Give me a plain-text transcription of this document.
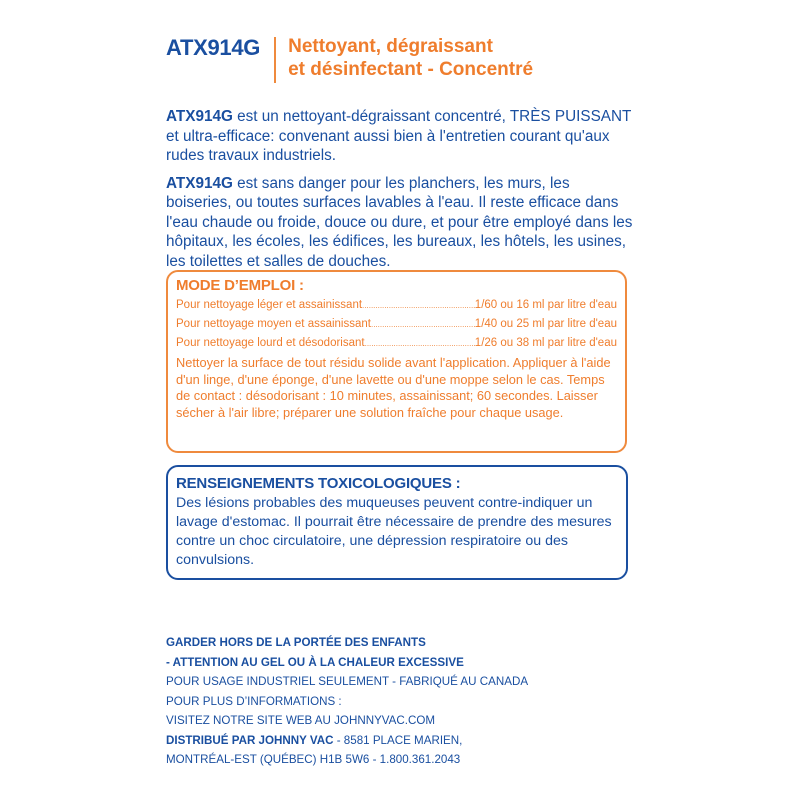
ATX914G Nettoyant, dégraissant
et désinfectant - Concentré

ATX914G est un nettoyant-dégraissant concentré, TRÈS PUISSANT et ultra-efficace: convenant aussi bien à l'entretien courant qu'aux rudes travaux industriels.

ATX914G est sans danger pour les planchers, les murs, les boiseries, ou toutes surfaces lavables à l'eau. Il reste efficace dans l'eau chaude ou froide, douce ou dure, et pour être employé dans les hôpitaux, les écoles, les édifices, les bureaux, les hôtels, les usines, les toilettes et salles de douches.

MODE D’EMPLOI :
Pour nettoyage léger et assainissant .....	1/60 ou 16 ml par litre d'eau
Pour nettoyage moyen et assainissant .....	1/40 ou 25 ml par litre d'eau
Pour nettoyage lourd et désodorisant .....	1/26 ou 38 ml par litre d'eau
Nettoyer la surface de tout résidu solide avant l'application. Appliquer à l'aide d'un linge, d'une éponge, d'une lavette ou d'une moppe selon le cas. Temps de contact : désodorisant : 10 minutes, assainissant; 60 secondes. Laisser sécher à l'air libre; préparer une solution fraîche pour chaque usage.
RENSEIGNEMENTS TOXICOLOGIQUES :
Des lésions probables des muqueuses peuvent contre-indiquer un lavage d'estomac. Il pourrait être nécessaire de prendre des mesures contre un choc circulatoire, une dépression respiratoire ou des convulsions.
GARDER HORS DE LA PORTÉE DES ENFANTS
- ATTENTION AU GEL OU À LA CHALEUR EXCESSIVE
POUR USAGE INDUSTRIEL SEULEMENT - FABRIQUÉ AU CANADA
POUR PLUS D’INFORMATIONS :
VISITEZ NOTRE SITE WEB AU JOHNNYVAC.COM
DISTRIBUÉ PAR JOHNNY VAC - 8581 PLACE MARIEN,
MONTRÉAL-EST (QUÉBEC) H1B 5W6 - 1.800.361.2043
